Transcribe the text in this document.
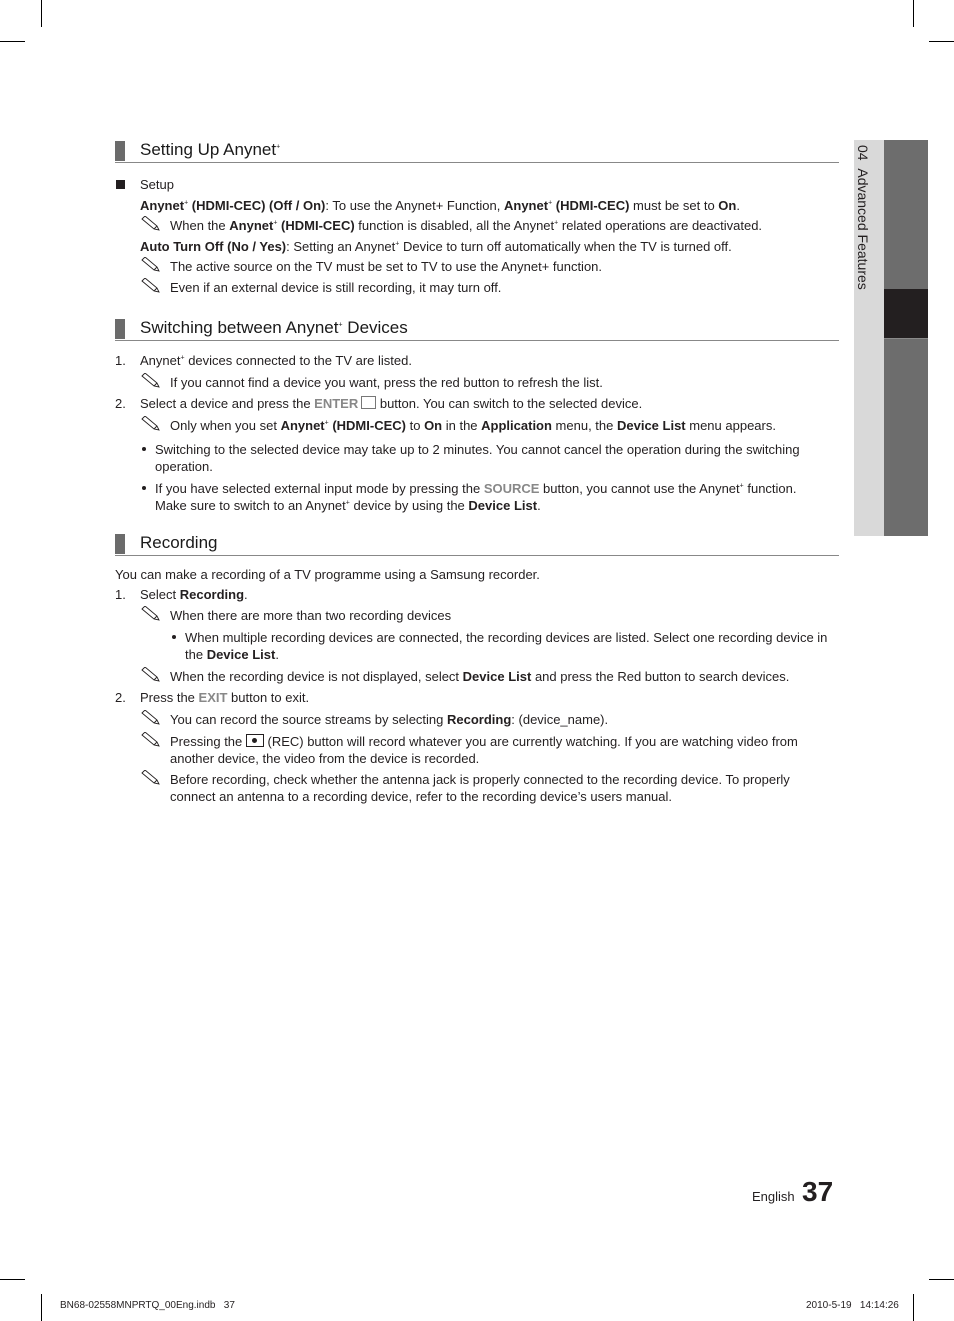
04  Advanced Features
Setting Up Anynet+
Setup
Anynet+ (HDMI-CEC) (Off / On): To use the Anynet+ Function, Anynet+ (HDMI-CEC) must be set to On.
When the Anynet+ (HDMI-CEC) function is disabled, all the Anynet+ related operations are deactivated.
Auto Turn Off (No / Yes): Setting an Anynet+ Device to turn off automatically when the TV is turned off.
The active source on the TV must be set to TV to use the Anynet+ function.
Even if an external device is still recording, it may turn off.
Switching between Anynet+ Devices
1. Anynet+ devices connected to the TV are listed.
If you cannot find a device you want, press the red button to refresh the list.
2. Select a device and press the ENTER button. You can switch to the selected device.
Only when you set Anynet+ (HDMI-CEC) to On in the Application menu, the Device List menu appears.
Switching to the selected device may take up to 2 minutes. You cannot cancel the operation during the switching
operation.
If you have selected external input mode by pressing the SOURCE button, you cannot use the Anynet+ function.
Make sure to switch to an Anynet+ device by using the Device List.
Recording
You can make a recording of a TV programme using a Samsung recorder.
1. Select Recording.
When there are more than two recording devices
When multiple recording devices are connected, the recording devices are listed. Select one recording device in
the Device List.
When the recording device is not displayed, select Device List and press the Red button to search devices.
2. Press the EXIT button to exit.
You can record the source streams by selecting Recording: (device_name).
Pressing the  (REC) button will record whatever you are currently watching. If you are watching video from
another device, the video from the device is recorded.
Before recording, check whether the antenna jack is properly connected to the recording device. To properly
connect an antenna to a recording device, refer to the recording device’s users manual.
English 37
BN68-02558MNPRTQ_00Eng.indb   37	2010-5-19   14:14:26
